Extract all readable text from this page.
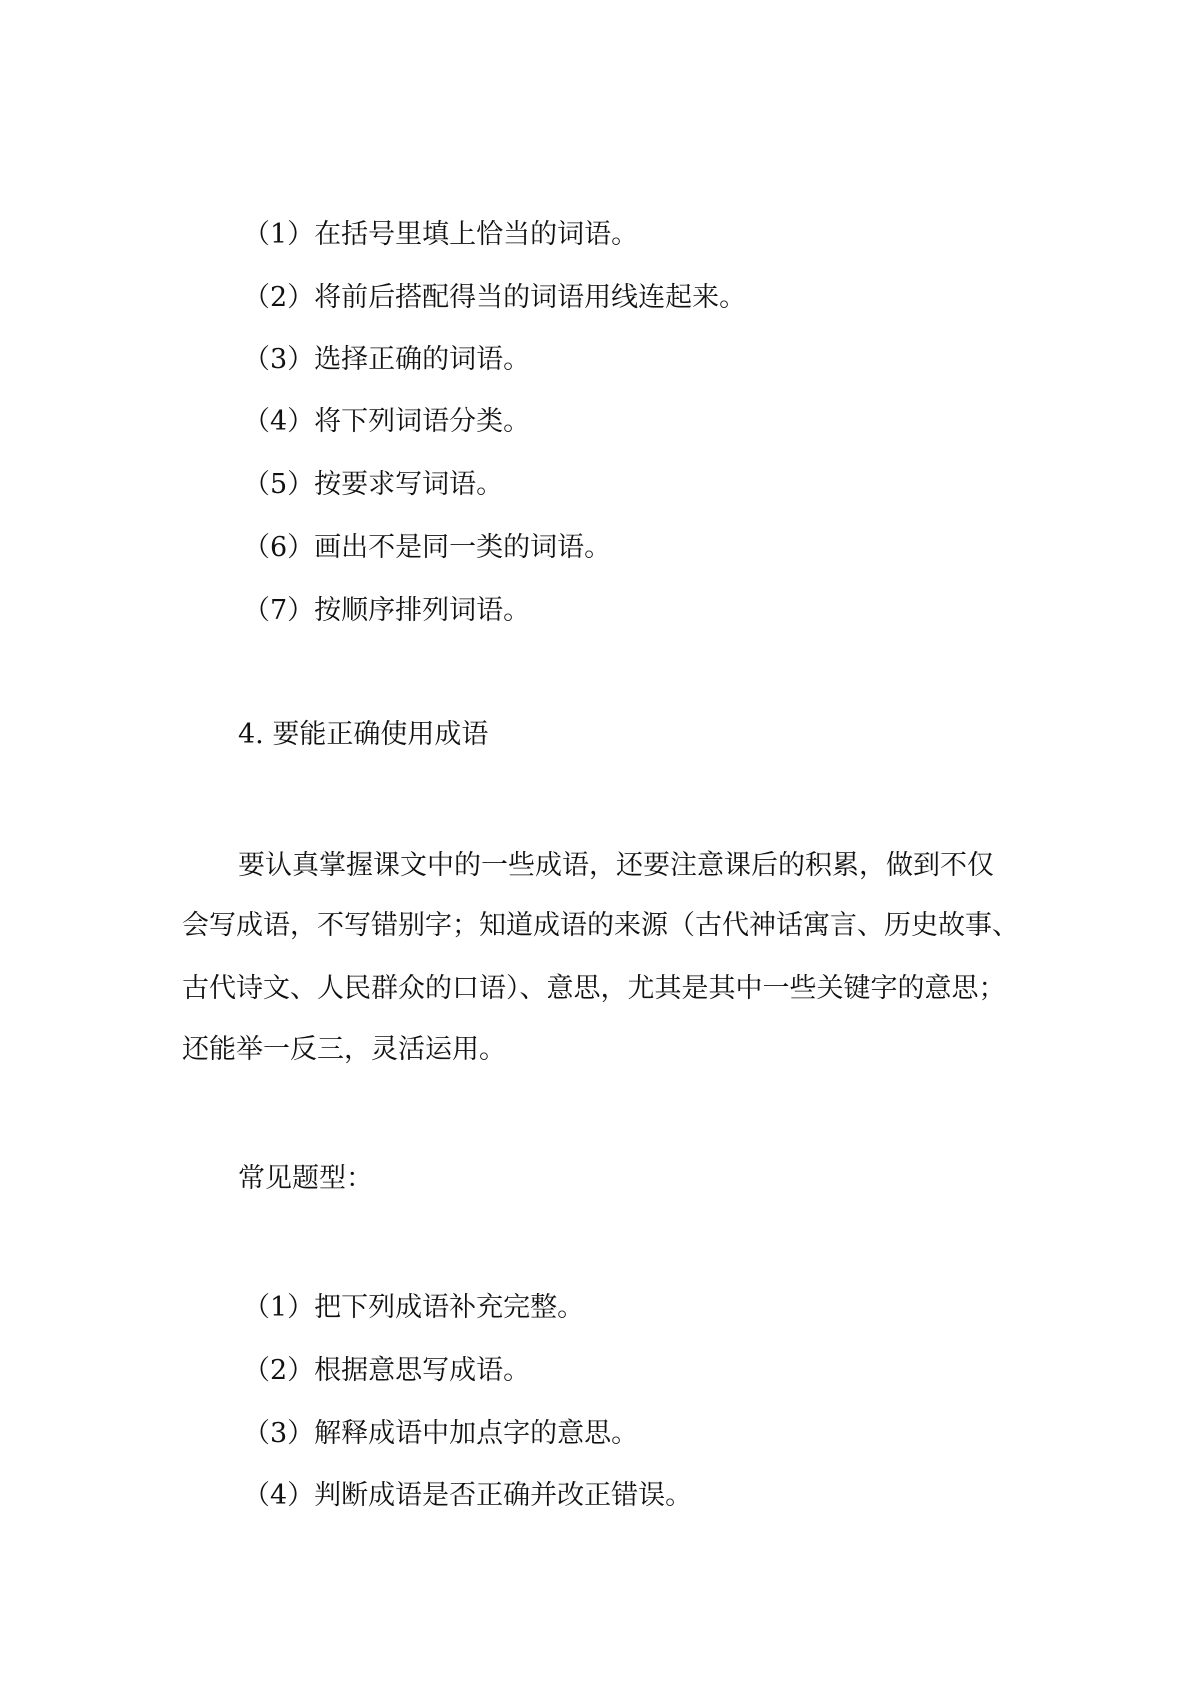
（1）在括号里填上恰当的词语。
（2）将前后搭配得当的词语用线连起来。
（3）选择正确的词语。
（4）将下列词语分类。
（5）按要求写词语。
（6）画出不是同一类的词语。
（7）按顺序排列词语。
4. 要能正确使用成语
要认真掌握课文中的一些成语，还要注意课后的积累，做到不仅
会写成语，不写错别字；知道成语的来源（古代神话寓言、历史故事、
古代诗文、人民群众的口语）、意思，尤其是其中一些关键字的意思；
还能举一反三，灵活运用。
常见题型：
（1）把下列成语补充完整。
（2）根据意思写成语。
（3）解释成语中加点字的意思。
（4）判断成语是否正确并改正错误。
